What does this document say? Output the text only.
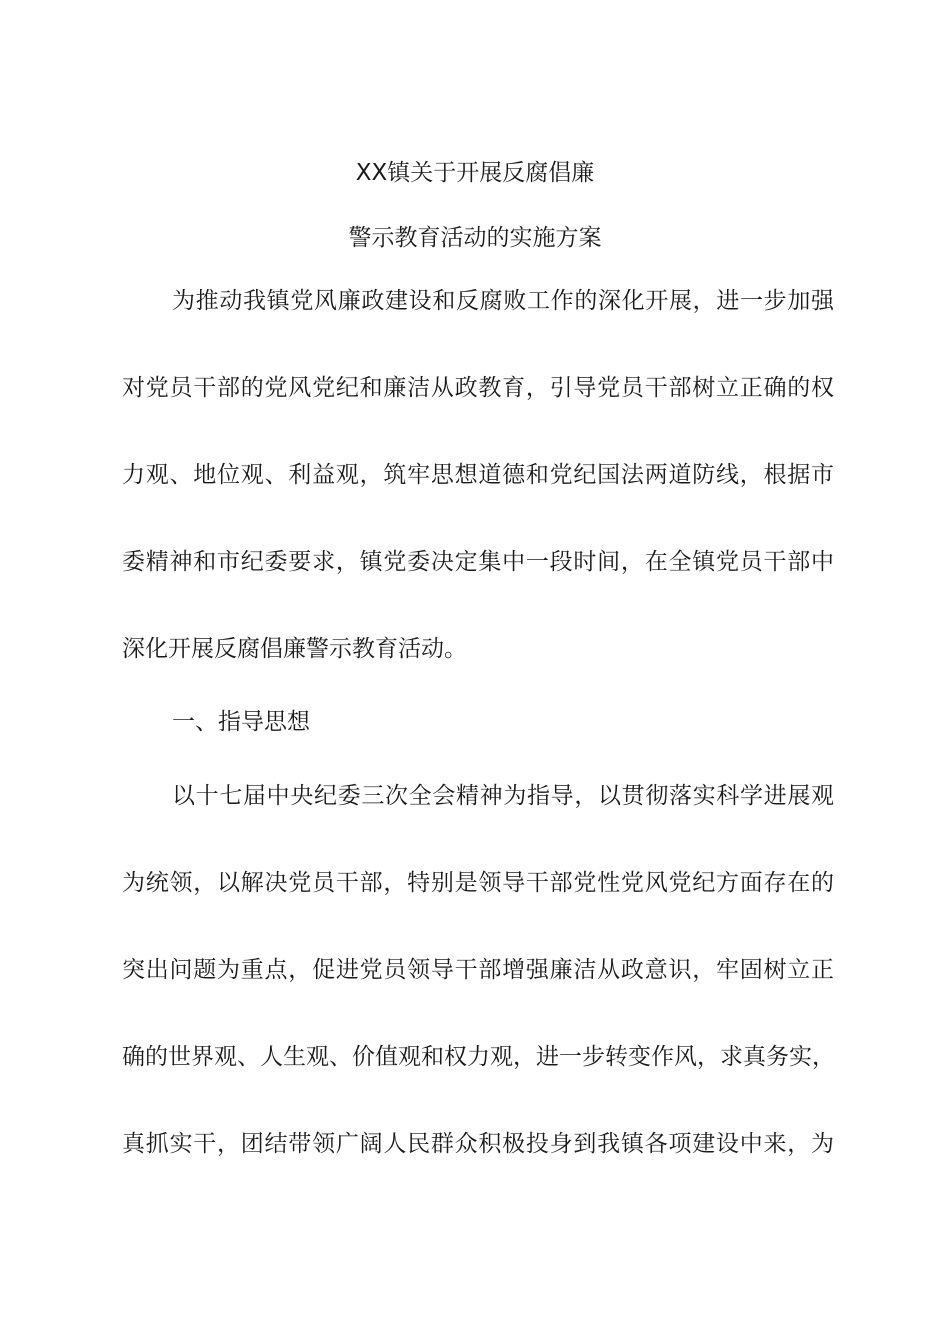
XX镇关于开展反腐倡廉
警示教育活动的实施方案
为推动我镇党风廉政建设和反腐败工作的深化开展，进一步加强
对党员干部的党风党纪和廉洁从政教育，引导党员干部树立正确的权
力观、地位观、利益观，筑牢思想道德和党纪国法两道防线，根据市
委精神和市纪委要求，镇党委决定集中一段时间，在全镇党员干部中
深化开展反腐倡廉警示教育活动。
一、指导思想
以十七届中央纪委三次全会精神为指导，以贯彻落实科学进展观
为统领，以解决党员干部，特别是领导干部党性党风党纪方面存在的
突出问题为重点，促进党员领导干部增强廉洁从政意识，牢固树立正
确的世界观、人生观、价值观和权力观，进一步转变作风，求真务实，
真抓实干，团结带领广阔人民群众积极投身到我镇各项建设中来，为
